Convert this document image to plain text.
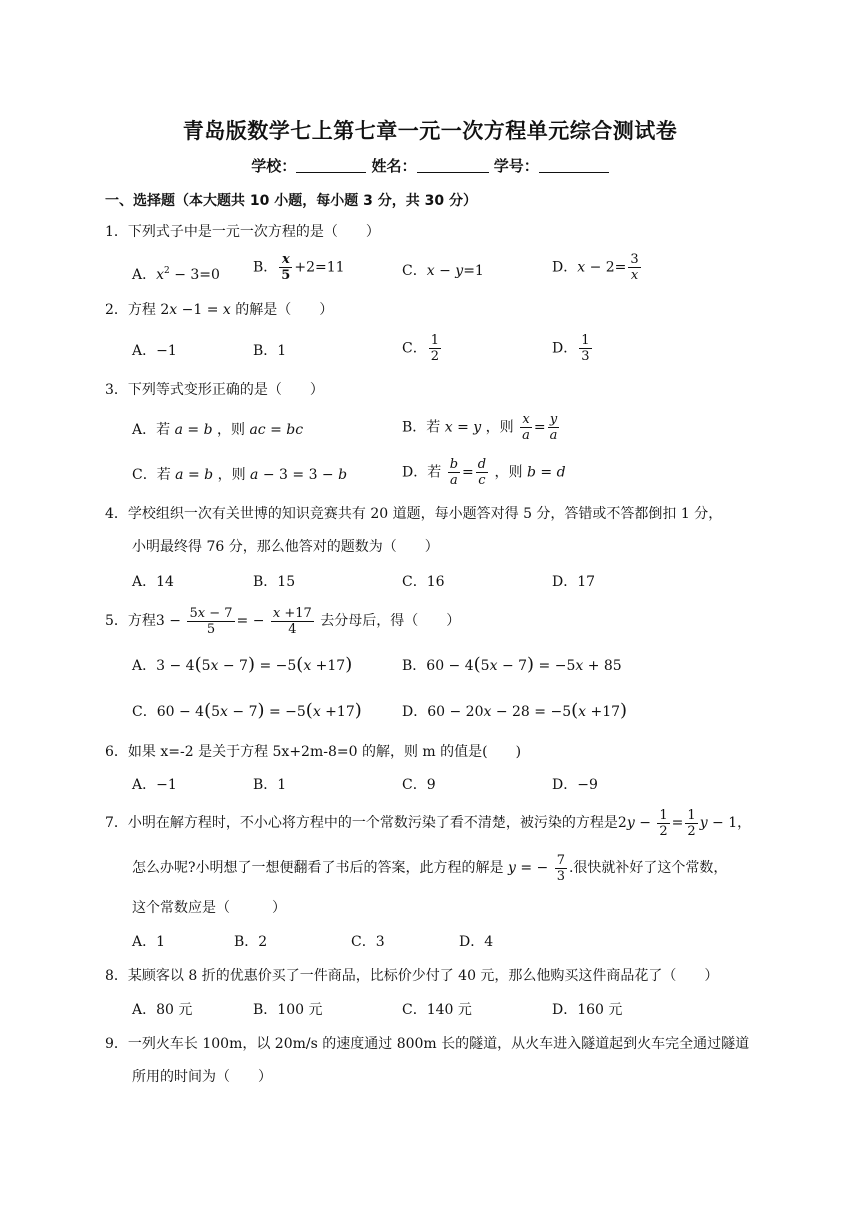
青岛版数学七上第七章一元一次方程单元综合测试卷
学校：	姓名：	学号：
一、选择题（本大题共 10 小题，每小题 3 分，共 30 分）
1．下列式子中是一元一次方程的是（　　）
A．$x^2 - 3=0$ B． $\frac{x}{5} +2=11$	C．x − y=1	D．$x - 2= \frac{3}{x}$
2．方程 2x −1 = x 的解是（　　）
A．−1	B．1	C． $\frac{1}{2}$	D． $\frac{1}{3}$
3．下列等式变形正确的是（　　）
A．若 a = b ，则 ac = bc	B．若 x = y ，则 $\frac{x}{a} = \frac{y}{a}$
C．若 a = b ，则 a − 3 = 3 − b	D．若 $\frac{b}{a} = \frac{d}{c}$ ，则 b = d
4．学校组织一次有关世博的知识竞赛共有 20 道题，每小题答对得 5 分，答错或不答都倒扣 1 分，
小明最终得 76 分，那么他答对的题数为（　　）
A．14	B．15	C．16	D．17
5．方程$3 - \frac{5x - 7}{5}$ = − $\frac{x +17}{4}$ 去分母后，得（　　）
A．3 − 4(5x − 7) = −5(x +17)	B．60 − 4(5x − 7) = −5x + 85
C．60 − 4(5x − 7) = −5(x +17)	D．60 − 20x − 28 = −5(x +17)
6．如果 x=-2 是关于方程 5x+2m-8=0 的解，则 m 的值是(　　)
A．−1	B．1	C．9	D．−9
7．小明在解方程时，不小心将方程中的一个常数污染了看不清楚，被污染的方程是$2y - \frac{1}{2} = \frac{1}{2}$ y − 1，
怎么办呢?小明想了一想便翻看了书后的答案，此方程的解是 y = − $\frac{7}{3}$ .很快就补好了这个常数，
这个常数应是（　　　）
A．1	B．2	C．3	D．4
8．某顾客以 8 折的优惠价买了一件商品，比标价少付了 40 元，那么他购买这件商品花了（　　）
A．80 元	B．100 元	C．140 元	D．160 元
9．一列火车长 100m，以 20m/s 的速度通过 800m 长的隧道，从火车进入隧道起到火车完全通过隧道
所用的时间为（　　）
